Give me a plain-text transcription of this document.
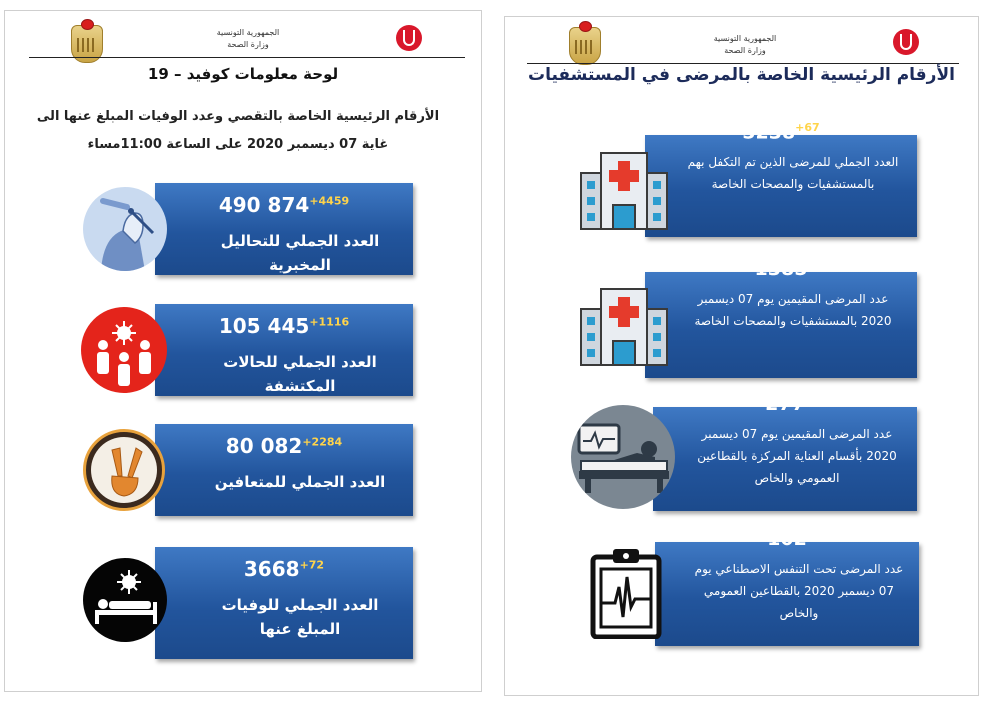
الجمهورية التونسية
وزارة الصحة
لوحة معلومات كوفيد – 19
الأرقام الرئيسية الخاصة بالتقصي وعدد الوفيات المبلغ عنها الى غاية 07 ديسمبر 2020 على الساعة 11:00مساء
490 $874^{+4459}$
العدد الجملي للتحاليل المخبرية
105 $445^{+1116}$
العدد الجملي للحالات المكتشفة
80 $082^{+2284}$
العدد الجملي للمتعافين
$3668^{+72}$
العدد الجملي للوفيات المبلغ عنها
الجمهورية التونسية
وزارة الصحة
الأرقام الرئيسية الخاصة بالمرضى في المستشفيات
$5238^{+67}$
العدد الجملي للمرضى الذين تم التكفل بهم بالمستشفيات والمصحات الخاصة
1385
عدد المرضى المقيمين يوم 07 ديسمبر 2020 بالمستشفيات والمصحات الخاصة
277
عدد المرضى المقيمين يوم 07 ديسمبر 2020 بأقسام العناية المركزة بالقطاعين العمومي والخاص
102
عدد المرضى تحت التنفس الاصطناعي يوم 07 ديسمبر 2020 بالقطاعين العمومي والخاص
